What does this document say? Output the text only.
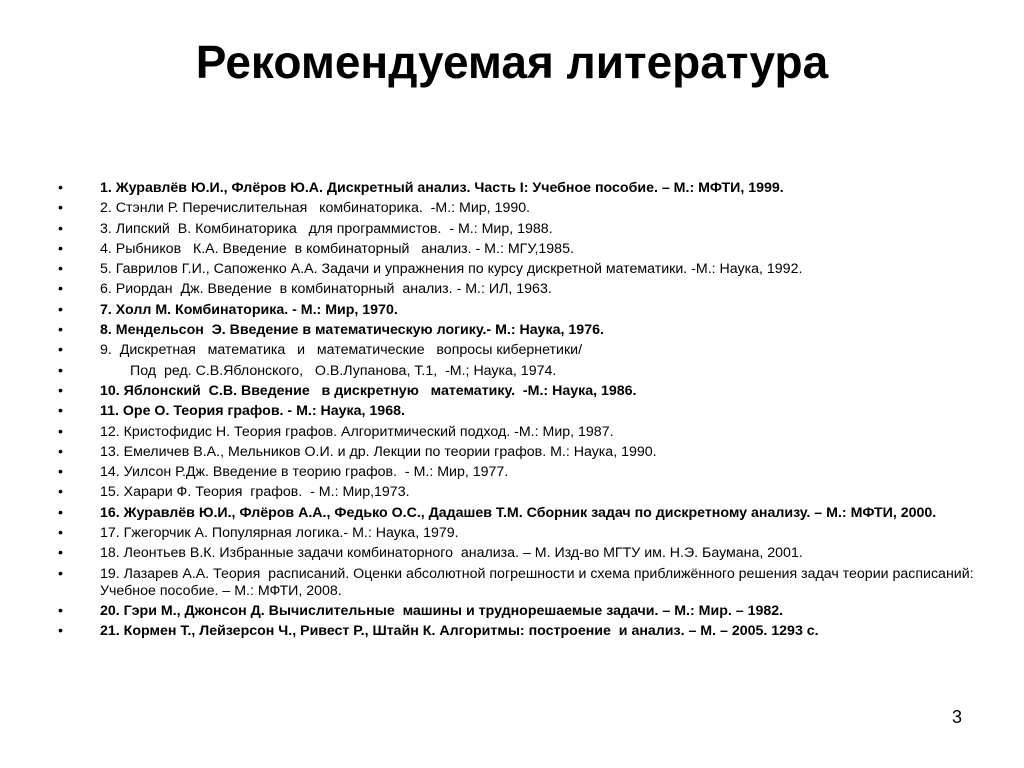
Рекомендуемая литература
•	1. Журавлёв Ю.И., Флёров Ю.А. Дискретный анализ. Часть I: Учебное пособие. – М.: МФТИ, 1999.
•	2. Стэнли Р. Перечислительная   комбинаторика.  -М.: Мир, 1990.
•	3. Липский  В. Комбинаторика   для программистов.  - М.: Мир, 1988.
•	4. Рыбников   К.А. Введение  в комбинаторный   анализ. - М.: МГУ,1985.
•	5. Гаврилов Г.И., Сапоженко А.А. Задачи и упражнения по курсу дискретной математики. -М.: Наука, 1992.
•	6. Риордан  Дж. Введение  в комбинаторный  анализ. - М.: ИЛ, 1963.
•	7. Холл М. Комбинаторика. - М.: Мир, 1970.
•	8. Мендельсон  Э. Введение в математическую логику.- М.: Наука, 1976.
•	9.  Дискретная   математика   и   математические   вопросы кибернетики/
•	Под  ред. С.В.Яблонского,   О.В.Лупанова, Т.1,  -М.; Наука, 1974.
•	10. Яблонский  С.В. Введение   в дискретную   математику.  -М.: Наука, 1986.
•	11. Оре О. Теория графов. - М.: Наука, 1968.
•	12. Кристофидис Н. Теория графов. Алгоритмический подход. -М.: Мир, 1987.
•	13. Емеличев В.А., Мельников О.И. и др. Лекции по теории графов. М.: Наука, 1990.
•	14. Уилсон Р.Дж. Введение в теорию графов.  - М.: Мир, 1977.
•	15. Харари Ф. Теория  графов.  - М.: Мир,1973.
•	16. Журавлёв Ю.И., Флёров А.А., Федько О.С., Дадашев Т.М. Сборник задач по дискретному анализу. – М.: МФТИ, 2000.
•	17. Гжегорчик А. Популярная логика.- М.: Наука, 1979.
•	18. Леонтьев В.К. Избранные задачи комбинаторного  анализа. – М. Изд-во МГТУ им. Н.Э. Баумана, 2001.
•	19. Лазарев А.А. Теория  расписаний. Оценки абсолютной погрешности и схема приближённого решения задач теории расписаний: Учебное пособие. – М.: МФТИ, 2008.
•	20. Гэри М., Джонсон Д. Вычислительные  машины и труднорешаемые задачи. – М.: Мир. – 1982.
•	21. Кормен Т., Лейзерсон Ч., Ривест Р., Штайн К. Алгоритмы: построение  и анализ. – М. – 2005. 1293 с.
3
